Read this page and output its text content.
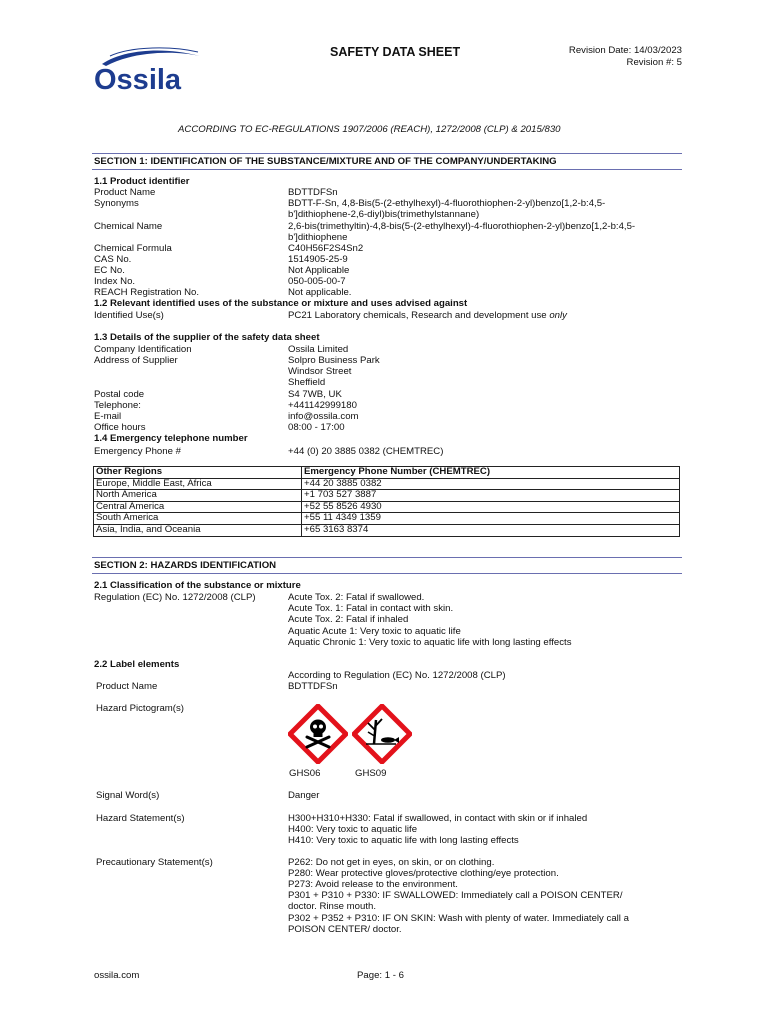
Ossila
SAFETY DATA SHEET	Revision Date: 14/03/2023
Revision #: 5
ACCORDING TO EC-REGULATIONS 1907/2006 (REACH), 1272/2008 (CLP) & 2015/830
SECTION 1: IDENTIFICATION OF THE SUBSTANCE/MIXTURE AND OF THE COMPANY/UNDERTAKING
1.1 Product identifier
Product Name	BDTTDFSn
Synonyms	BDTT-F-Sn, 4,8-Bis(5-(2-ethylhexyl)-4-fluorothiophen-2-yl)benzo[1,2-b:4,5-b']dithiophene-2,6-diyl)bis(trimethylstannane)
Chemical Name	2,6-bis(trimethyltin)-4,8-bis(5-(2-ethylhexyl)-4-fluorothiophen-2-yl)benzo[1,2-b:4,5-b']dithiophene
Chemical Formula	C40H56F2S4Sn2
CAS No.	1514905-25-9
EC No.	Not Applicable
Index No.	050-005-00-7
REACH Registration No.	Not applicable.
1.2 Relevant identified uses of the substance or mixture and uses advised against
Identified Use(s)	PC21 Laboratory chemicals, Research and development use only
1.3 Details of the supplier of the safety data sheet
Company Identification	Ossila Limited
Address of Supplier	Solpro Business Park
Windsor Street
Sheffield
Postal code	S4 7WB, UK
Telephone:	+441142999180
E-mail	info@ossila.com
Office hours	08:00 - 17:00
1.4 Emergency telephone number
Emergency Phone #	+44 (0) 20 3885 0382 (CHEMTREC)
Other Regions	Emergency Phone Number (CHEMTREC)
Europe, Middle East, Africa	+44 20 3885 0382
North America	+1 703 527 3887
Central America	+52 55 8526 4930
South America	+55 11 4349 1359
Asia, India, and Oceania	+65 3163 8374
SECTION 2: HAZARDS IDENTIFICATION
2.1 Classification of the substance or mixture
Regulation (EC) No. 1272/2008 (CLP)	Acute Tox. 2: Fatal if swallowed.
Acute Tox. 1: Fatal in contact with skin.
Acute Tox. 2: Fatal if inhaled
Aquatic Acute 1: Very toxic to aquatic life
Aquatic Chronic 1: Very toxic to aquatic life with long lasting effects
2.2 Label elements
According to Regulation (EC) No. 1272/2008 (CLP)
Product Name	BDTTDFSn
Hazard Pictogram(s)
GHS06	GHS09
Signal Word(s)	Danger
Hazard Statement(s)	H300+H310+H330: Fatal if swallowed, in contact with skin or if inhaled
H400: Very toxic to aquatic life
H410: Very toxic to aquatic life with long lasting effects
Precautionary Statement(s)	P262: Do not get in eyes, on skin, or on clothing.
P280: Wear protective gloves/protective clothing/eye protection.
P273: Avoid release to the environment.
P301 + P310 + P330: IF SWALLOWED: Immediately call a POISON CENTER/
doctor. Rinse mouth.
P302 + P352 + P310: IF ON SKIN: Wash with plenty of water. Immediately call a
POISON CENTER/ doctor.
ossila.com	Page: 1 - 6
